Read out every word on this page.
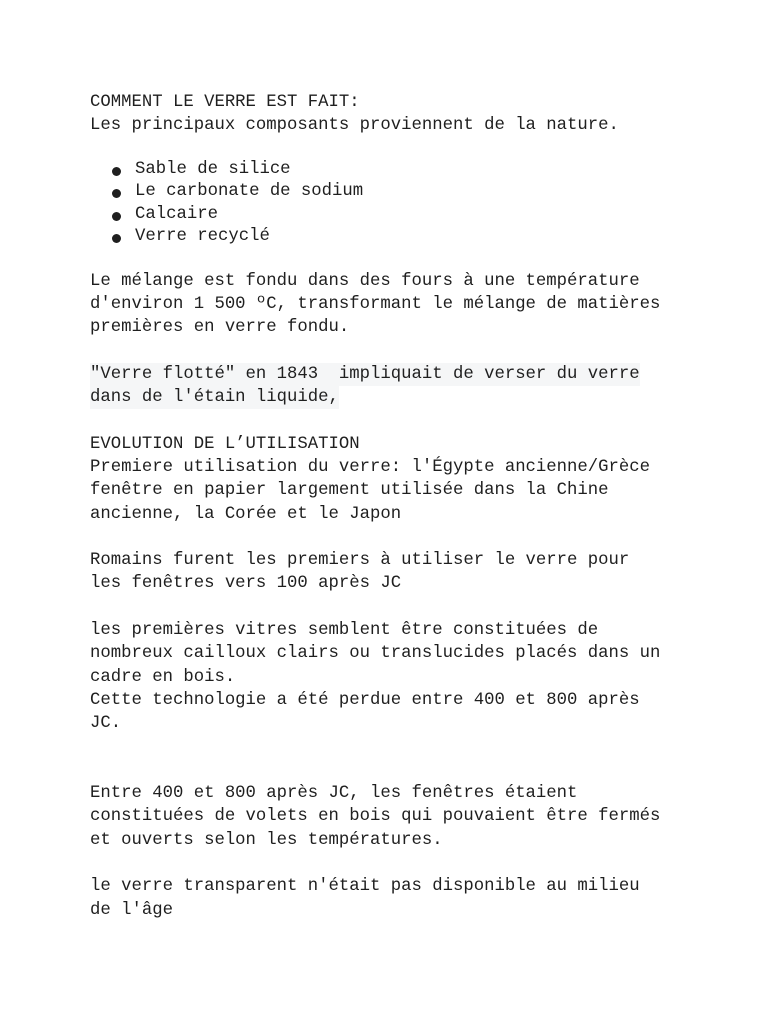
COMMENT LE VERRE EST FAIT:
Les principaux composants proviennent de la nature.
Sable de silice
Le carbonate de sodium
Calcaire
Verre recyclé
Le mélange est fondu dans des fours à une température
d'environ 1 500 ºC, transformant le mélange de matières
premières en verre fondu.
"Verre flotté" en 1843  impliquait de verser du verre
dans de l'étain liquide,
EVOLUTION DE L’UTILISATION
Premiere utilisation du verre: l'Égypte ancienne/Grèce
fenêtre en papier largement utilisée dans la Chine
ancienne, la Corée et le Japon
Romains furent les premiers à utiliser le verre pour
les fenêtres vers 100 après JC
les premières vitres semblent être constituées de
nombreux cailloux clairs ou translucides placés dans un
cadre en bois.
Cette technologie a été perdue entre 400 et 800 après
JC.
Entre 400 et 800 après JC, les fenêtres étaient
constituées de volets en bois qui pouvaient être fermés
et ouverts selon les températures.
le verre transparent n'était pas disponible au milieu
de l'âge
